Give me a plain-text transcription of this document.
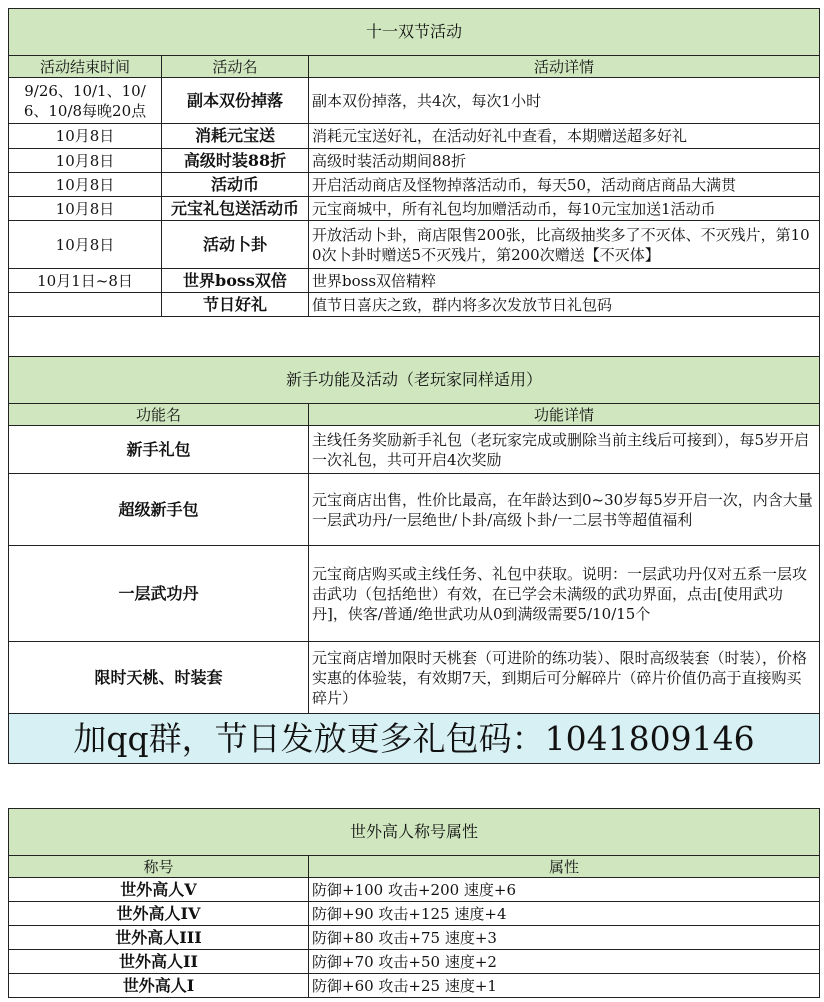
十一双节活动		
活动结束时间	活动名	活动详情
9/26、10/1、10/6、10/8每晚20点	副本双份掉落	副本双份掉落，共4次，每次1小时
10月8日	消耗元宝送	消耗元宝送好礼，在活动好礼中查看，本期赠送超多好礼
10月8日	高级时装88折	高级时装活动期间88折
10月8日	活动币	开启活动商店及怪物掉落活动币，每天50，活动商店商品大满贯
10月8日	元宝礼包送活动币	元宝商城中，所有礼包均加赠活动币，每10元宝加送1活动币
10月8日	活动卜卦	开放活动卜卦，商店限售200张，比高级抽奖多了不灭体、不灭残片，第100次卜卦时赠送5不灭残片，第200次赠送【不灭体】
10月1日~8日	世界boss双倍	世界boss双倍精粹
	节日好礼	值节日喜庆之致，群内将多次发放节日礼包码

新手功能及活动（老玩家同样适用）	
功能名	功能详情
新手礼包	主线任务奖励新手礼包（老玩家完成或删除当前主线后可接到），每5岁开启一次礼包，共可开启4次奖励
超级新手包	元宝商店出售，性价比最高，在年龄达到0~30岁每5岁开启一次，内含大量一层武功丹/一层绝世/卜卦/高级卜卦/一二层书等超值福利
一层武功丹	元宝商店购买或主线任务、礼包中获取。说明：一层武功丹仅对五系一层攻击武功（包括绝世）有效，在已学会未满级的武功界面，点击[使用武功丹]，侠客/普通/绝世武功从0到满级需要5/10/15个
限时天桃、时装套	元宝商店增加限时天桃套（可进阶的练功装）、限时高级装套（时装），价格实惠的体验装，有效期7天，到期后可分解碎片（碎片价值仍高于直接购买碎片）
加qq群，节日发放更多礼包码：1041809146	
世外高人称号属性	
称号	属性
世外高人V	防御+100 攻击+200 速度+6
世外高人IV	防御+90 攻击+125 速度+4
世外高人III	防御+80 攻击+75 速度+3
世外高人II	防御+70 攻击+50 速度+2
世外高人I	防御+60 攻击+25 速度+1
